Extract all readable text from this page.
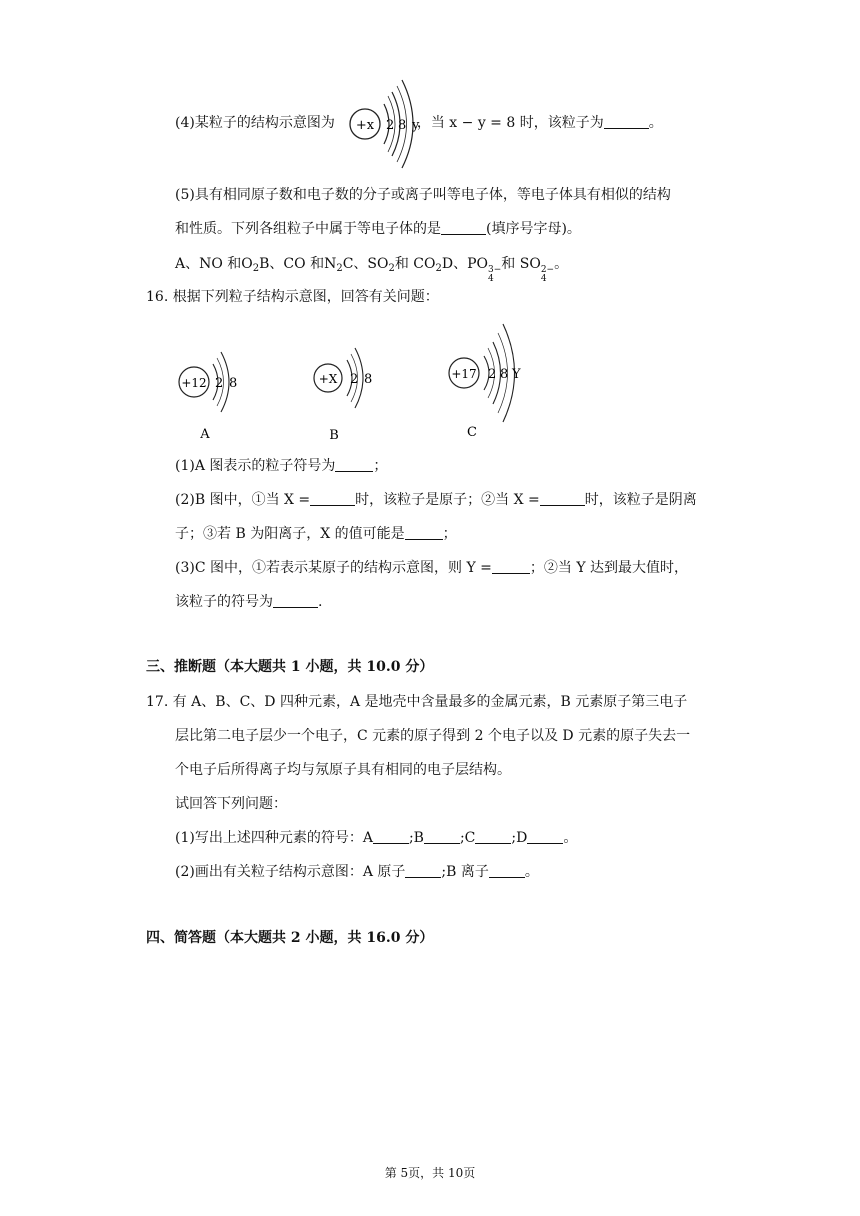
(4)某粒子的结构示意图为	，当 x − y = 8 时，该粒子为	。
+x 2 8 y
(5)具有相同原子数和电子数的分子或离子叫等电子体，等电子体具有相似的结构
和性质。下列各组粒子中属于等电子体的是	(填序号字母)。
A、NO 和$O_2B$、CO 和$N_2C$、$SO_2$和 $CO_2D$、PO 3−
4
和 SO 2−
4
。
16. 根据下列粒子结构示意图，回答有关问题：
+12 2 8
A
+X 2 8
B
+17 2 8 Y
C
(1)A 图表示的粒子符号为	；
(2)B 图中，①当 X =	时，该粒子是原子；②当 X =	时，该粒子是阴离
子；③若 B 为阳离子，X 的值可能是	；
(3)C 图中，①若表示某原子的结构示意图，则 Y =	；②当 Y 达到最大值时，
该粒子的符号为	.
三、推断题（本大题共 1 小题，共 10.0 分）
17. 有 A、B、C、D 四种元素，A 是地壳中含量最多的金属元素，B 元素原子第三电子
层比第二电子层少一个电子，C 元素的原子得到 2 个电子以及 D 元素的原子失去一
个电子后所得离子均与氖原子具有相同的电子层结构。
试回答下列问题：
(1)写出上述四种元素的符号：A	;B	;C	;D	。
(2)画出有关粒子结构示意图：A 原子	;B 离子	。
四、简答题（本大题共 2 小题，共 16.0 分）
第 5页，共 10页
